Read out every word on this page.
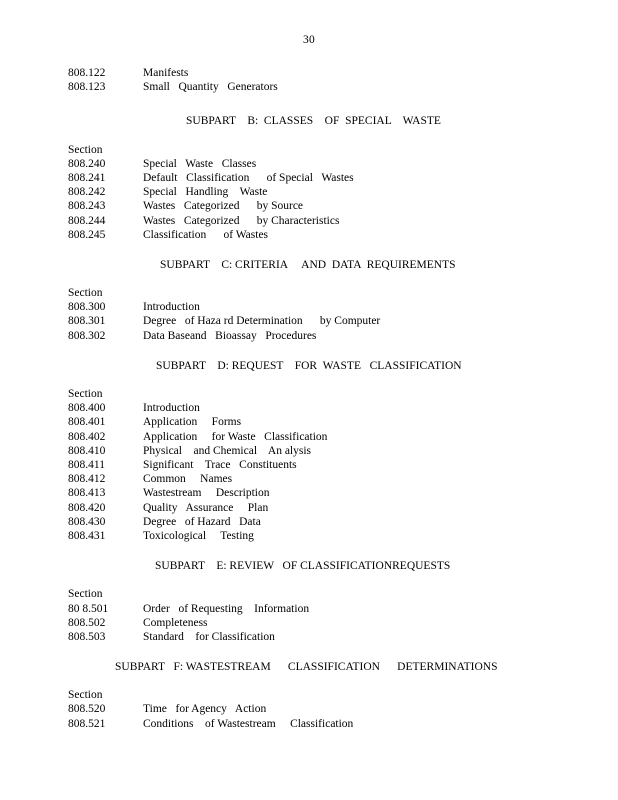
30
808.122	Manifests
808.123	Small   Quantity   Generators
SUBPART    B:  CLASSES    OF  SPECIAL    WASTE
Section
808.240	Special   Waste   Classes
808.241	Default   Classification      of Special   Wastes
808.242	Special   Handling    Waste
808.243	Wastes   Categorized      by Source
808.244	Wastes   Categorized      by Characteristics
808.245	Classification      of Wastes
SUBPART    C: CRITERIA     AND  DATA  REQUIREMENTS
Section
808.300	Introduction
808.301	Degree   of Haza rd Determination      by Computer
808.302	Data Baseand   Bioassay   Procedures
SUBPART    D: REQUEST    FOR  WASTE   CLASSIFICATION
Section
808.400	Introduction
808.401	Application     Forms
808.402	Application     for Waste   Classification
808.410	Physical    and Chemical    An alysis
808.411	Significant    Trace   Constituents
808.412	Common     Names
808.413	Wastestream     Description
808.420	Quality   Assurance     Plan
808.430	Degree   of Hazard   Data
808.431	Toxicological     Testing
SUBPART    E: REVIEW   OF CLASSIFICATIONREQUESTS
Section
80 8.501	Order   of Requesting    Information
808.502	Completeness
808.503	Standard    for Classification
SUBPART   F: WASTESTREAM      CLASSIFICATION      DETERMINATIONS
Section
808.520	Time   for Agency   Action
808.521	Conditions    of Wastestream     Classification
